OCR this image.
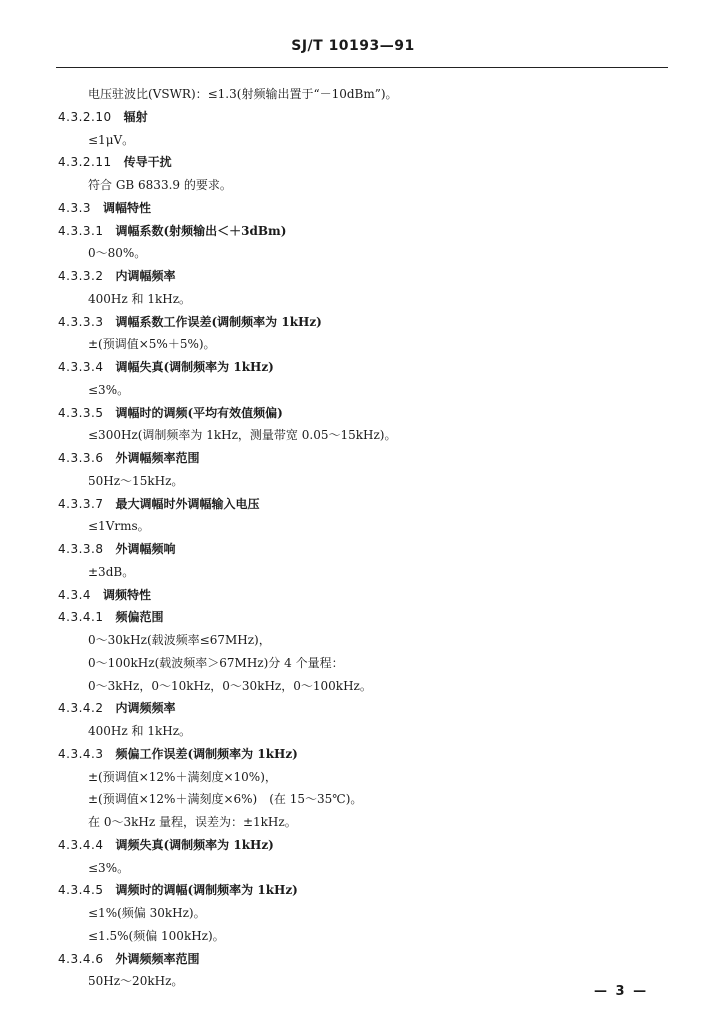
SJ/T 10193—91
电压驻波比(VSWR)：≤1.3(射频输出置于“－10dBm”)。
4.3.2.10 辐射
≤1μV。
4.3.2.11 传导干扰
符合 GB 6833.9 的要求。
4.3.3 调幅特性
4.3.3.1 调幅系数(射频输出＜＋3dBm)
0～80%。
4.3.3.2 内调幅频率
400Hz 和 1kHz。
4.3.3.3 调幅系数工作误差(调制频率为 1kHz)
±(预调值×5%＋5%)。
4.3.3.4 调幅失真(调制频率为 1kHz)
≤3%。
4.3.3.5 调幅时的调频(平均有效值频偏)
≤300Hz(调制频率为 1kHz，测量带宽 0.05～15kHz)。
4.3.3.6 外调幅频率范围
50Hz～15kHz。
4.3.3.7 最大调幅时外调幅输入电压
≤1Vrms。
4.3.3.8 外调幅频响
±3dB。
4.3.4 调频特性
4.3.4.1 频偏范围
0～30kHz(载波频率≤67MHz)，
0～100kHz(载波频率＞67MHz)分 4 个量程：
0～3kHz，0～10kHz，0～30kHz，0～100kHz。
4.3.4.2 内调频频率
400Hz 和 1kHz。
4.3.4.3 频偏工作误差(调制频率为 1kHz)
±(预调值×12%＋满刻度×10%)，
±(预调值×12%＋满刻度×6%)　(在 15～35℃)。
在 0～3kHz 量程，误差为：±1kHz。
4.3.4.4 调频失真(调制频率为 1kHz)
≤3%。
4.3.4.5 调频时的调幅(调制频率为 1kHz)
≤1%(频偏 30kHz)。
≤1.5%(频偏 100kHz)。
4.3.4.6 外调频频率范围
50Hz～20kHz。
— 3 —
